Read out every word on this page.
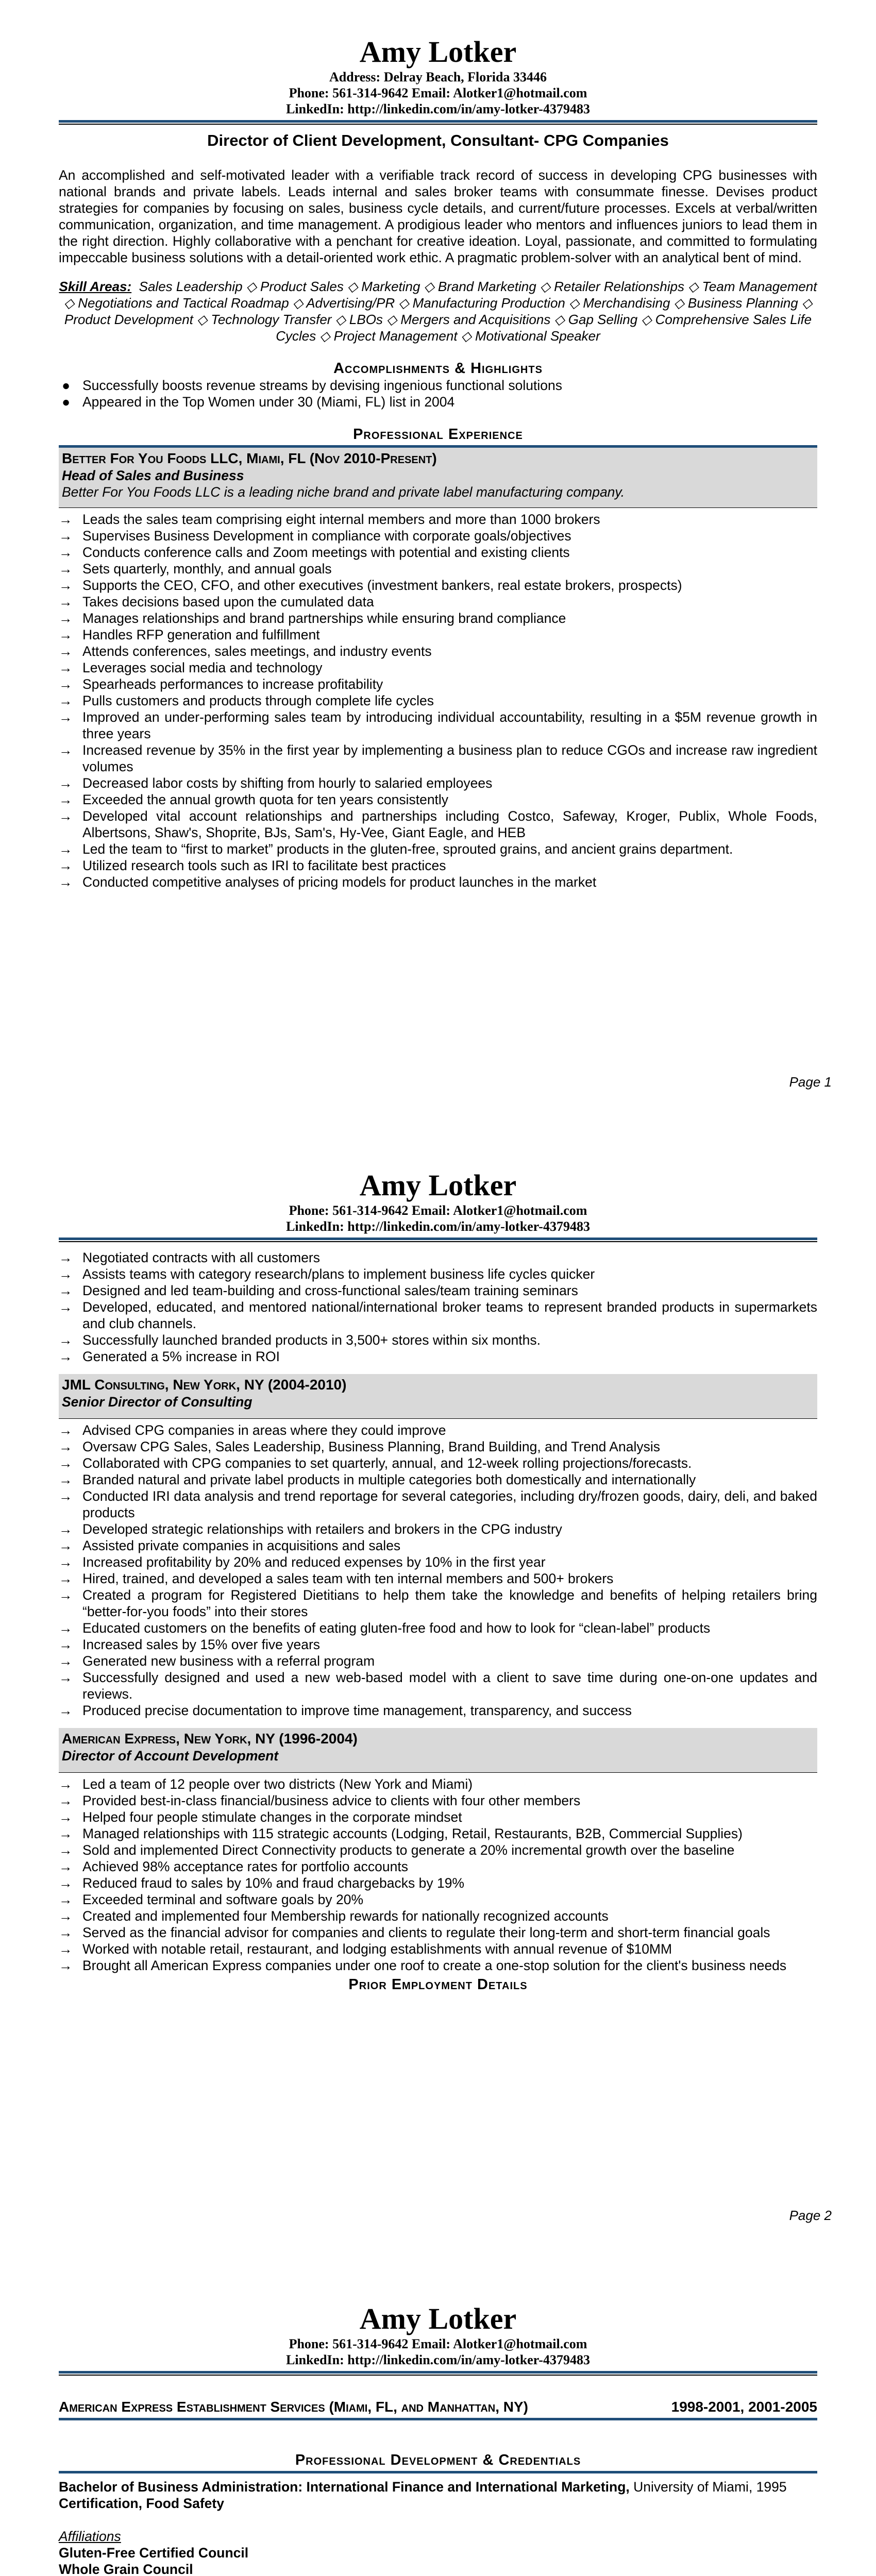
Amy Lotker
Address: Delray Beach, Florida 33446
Phone: 561-314-9642 Email: Alotker1@hotmail.com
LinkedIn: http://linkedin.com/in/amy-lotker-4379483
Director of Client Development, Consultant- CPG Companies
An accomplished and self-motivated leader with a verifiable track record of success in developing CPG businesses with national brands and private labels. Leads internal and sales broker teams with consummate finesse. Devises product strategies for companies by focusing on sales, business cycle details, and current/future processes. Excels at verbal/written communication, organization, and time management. A prodigious leader who mentors and influences juniors to lead them in the right direction. Highly collaborative with a penchant for creative ideation. Loyal, passionate, and committed to formulating impeccable business solutions with a detail-oriented work ethic. A pragmatic problem-solver with an analytical bent of mind.
Skill Areas: Sales Leadership ◇ Product Sales ◇ Marketing ◇ Brand Marketing ◇ Retailer Relationships ◇ Team Management ◇ Negotiations and Tactical Roadmap ◇ Advertising/PR ◇ Manufacturing Production ◇ Merchandising ◇ Business Planning ◇ Product Development ◇ Technology Transfer ◇ LBOs ◇ Mergers and Acquisitions ◇ Gap Selling ◇ Comprehensive Sales Life Cycles ◇ Project Management ◇ Motivational Speaker
Accomplishments & Highlights
● Successfully boosts revenue streams by devising ingenious functional solutions
● Appeared in the Top Women under 30 (Miami, FL) list in 2004
Professional Experience
Better For You Foods LLC, Miami, FL (Nov 2010-Present)
Head of Sales and Business
Better For You Foods LLC is a leading niche brand and private label manufacturing company.
→ Leads the sales team comprising eight internal members and more than 1000 brokers
→ Supervises Business Development in compliance with corporate goals/objectives
→ Conducts conference calls and Zoom meetings with potential and existing clients
→ Sets quarterly, monthly, and annual goals
→ Supports the CEO, CFO, and other executives (investment bankers, real estate brokers, prospects)
→ Takes decisions based upon the cumulated data
→ Manages relationships and brand partnerships while ensuring brand compliance
→ Handles RFP generation and fulfillment
→ Attends conferences, sales meetings, and industry events
→ Leverages social media and technology
→ Spearheads performances to increase profitability
→ Pulls customers and products through complete life cycles
→ Improved an under-performing sales team by introducing individual accountability, resulting in a $5M revenue growth in three years
→ Increased revenue by 35% in the first year by implementing a business plan to reduce CGOs and increase raw ingredient volumes
→ Decreased labor costs by shifting from hourly to salaried employees
→ Exceeded the annual growth quota for ten years consistently
→ Developed vital account relationships and partnerships including Costco, Safeway, Kroger, Publix, Whole Foods, Albertsons, Shaw's, Shoprite, BJs, Sam's, Hy-Vee, Giant Eagle, and HEB
→ Led the team to “first to market” products in the gluten-free, sprouted grains, and ancient grains department.
→ Utilized research tools such as IRI to facilitate best practices
→ Conducted competitive analyses of pricing models for product launches in the market
Page 1
Amy Lotker
Phone: 561-314-9642 Email: Alotker1@hotmail.com
LinkedIn: http://linkedin.com/in/amy-lotker-4379483
→ Negotiated contracts with all customers
→ Assists teams with category research/plans to implement business life cycles quicker
→ Designed and led team-building and cross-functional sales/team training seminars
→ Developed, educated, and mentored national/international broker teams to represent branded products in supermarkets and club channels.
→ Successfully launched branded products in 3,500+ stores within six months.
→ Generated a 5% increase in ROI
JML Consulting, New York, NY (2004-2010)
Senior Director of Consulting
→ Advised CPG companies in areas where they could improve
→ Oversaw CPG Sales, Sales Leadership, Business Planning, Brand Building, and Trend Analysis
→ Collaborated with CPG companies to set quarterly, annual, and 12-week rolling projections/forecasts.
→ Branded natural and private label products in multiple categories both domestically and internationally
→ Conducted IRI data analysis and trend reportage for several categories, including dry/frozen goods, dairy, deli, and baked products
→ Developed strategic relationships with retailers and brokers in the CPG industry
→ Assisted private companies in acquisitions and sales
→ Increased profitability by 20% and reduced expenses by 10% in the first year
→ Hired, trained, and developed a sales team with ten internal members and 500+ brokers
→ Created a program for Registered Dietitians to help them take the knowledge and benefits of helping retailers bring “better-for-you foods” into their stores
→ Educated customers on the benefits of eating gluten-free food and how to look for “clean-label” products
→ Increased sales by 15% over five years
→ Generated new business with a referral program
→ Successfully designed and used a new web-based model with a client to save time during one-on-one updates and reviews.
→ Produced precise documentation to improve time management, transparency, and success
American Express, New York, NY (1996-2004)
Director of Account Development
→ Led a team of 12 people over two districts (New York and Miami)
→ Provided best-in-class financial/business advice to clients with four other members
→ Helped four people stimulate changes in the corporate mindset
→ Managed relationships with 115 strategic accounts (Lodging, Retail, Restaurants, B2B, Commercial Supplies)
→ Sold and implemented Direct Connectivity products to generate a 20% incremental growth over the baseline
→ Achieved 98% acceptance rates for portfolio accounts
→ Reduced fraud to sales by 10% and fraud chargebacks by 19%
→ Exceeded terminal and software goals by 20%
→ Created and implemented four Membership rewards for nationally recognized accounts
→ Served as the financial advisor for companies and clients to regulate their long-term and short-term financial goals
→ Worked with notable retail, restaurant, and lodging establishments with annual revenue of $10MM
→ Brought all American Express companies under one roof to create a one-stop solution for the client's business needs
Prior Employment Details
Page 2
Amy Lotker
Phone: 561-314-9642 Email: Alotker1@hotmail.com
LinkedIn: http://linkedin.com/in/amy-lotker-4379483
American Express Establishment Services (Miami, FL, and Manhattan, NY)	1998-2001, 2001-2005
Professional Development & Credentials
Bachelor of Business Administration: International Finance and International Marketing, University of Miami, 1995
Certification, Food Safety
Affiliations
Gluten-Free Certified Council
Whole Grain Council
